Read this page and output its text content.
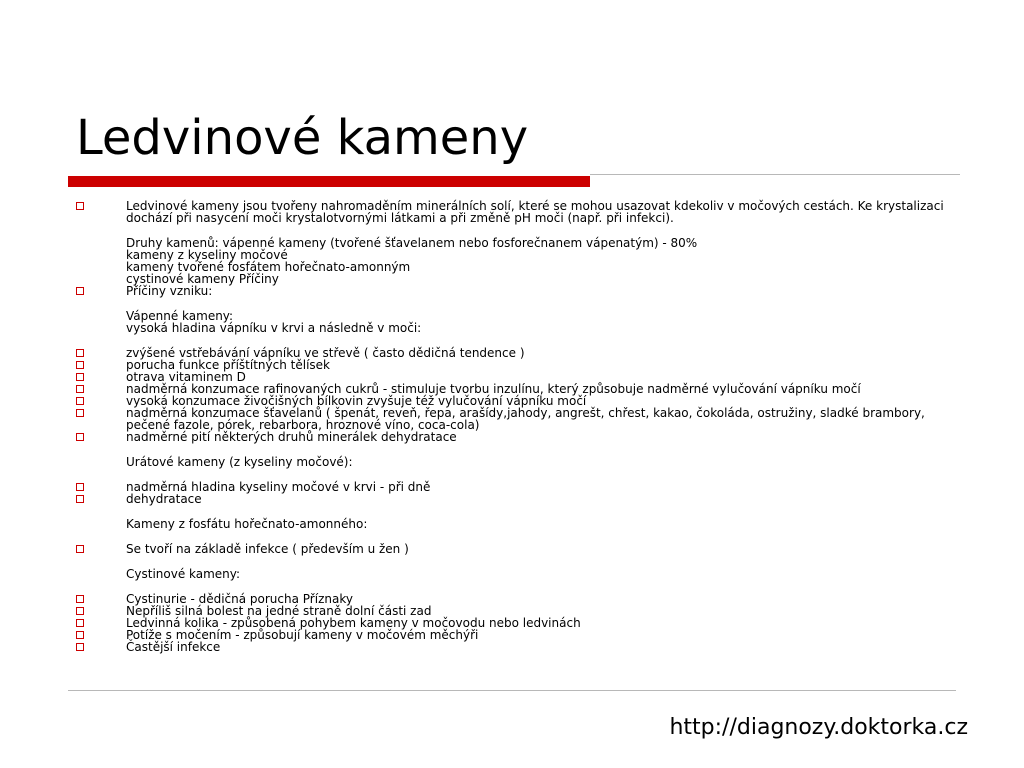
Ledvinové kameny
Ledvinové kameny jsou tvořeny nahromaděním minerálních solí, které se mohou usazovat kdekoliv v močových cestách. Ke krystalizaci dochází při nasycení moči krystalotvornými látkami a při změně pH moči (např. při infekci).
Druhy kamenů: vápenné kameny (tvořené šťavelanem nebo fosforečnanem vápenatým) - 80%
kameny z kyseliny močové
kameny tvořené fosfátem hořečnato-amonným
cystinové kameny Příčiny
Příčiny vzniku:
Vápenné kameny:
vysoká hladina vápníku v krvi a následně v moči:
zvýšené vstřebávání vápníku ve střevě ( často dědičná tendence )
porucha funkce příštítných tělísek
otrava vitaminem D
nadměrná konzumace rafinovaných cukrů - stimuluje tvorbu inzulínu, který způsobuje nadměrné vylučování vápníku močí
vysoká konzumace živočišných bílkovin zvyšuje též vylučování vápníku močí
nadměrná konzumace šťavelanů ( špenát, reveň, řepa, arašídy,jahody, angrešt, chřest, kakao, čokoláda, ostružiny, sladké brambory, pečené fazole, pórek, rebarbora, hroznové víno, coca-cola)
nadměrné pití některých druhů minerálek dehydratace
Urátové kameny (z kyseliny močové):
nadměrná hladina kyseliny močové v krvi - při dně
dehydratace
Kameny z fosfátu hořečnato-amonného:
Se tvoří na základě infekce ( především u žen )
Cystinové kameny:
Cystinurie - dědičná porucha Příznaky
Nepříliš silná bolest na jedné straně dolní části zad
Ledvinná kolika - způsobená pohybem kameny v močovodu nebo ledvinách
Potíže s močením - způsobují kameny v močovém měchýři
Častější infekce
http://diagnozy.doktorka.cz
